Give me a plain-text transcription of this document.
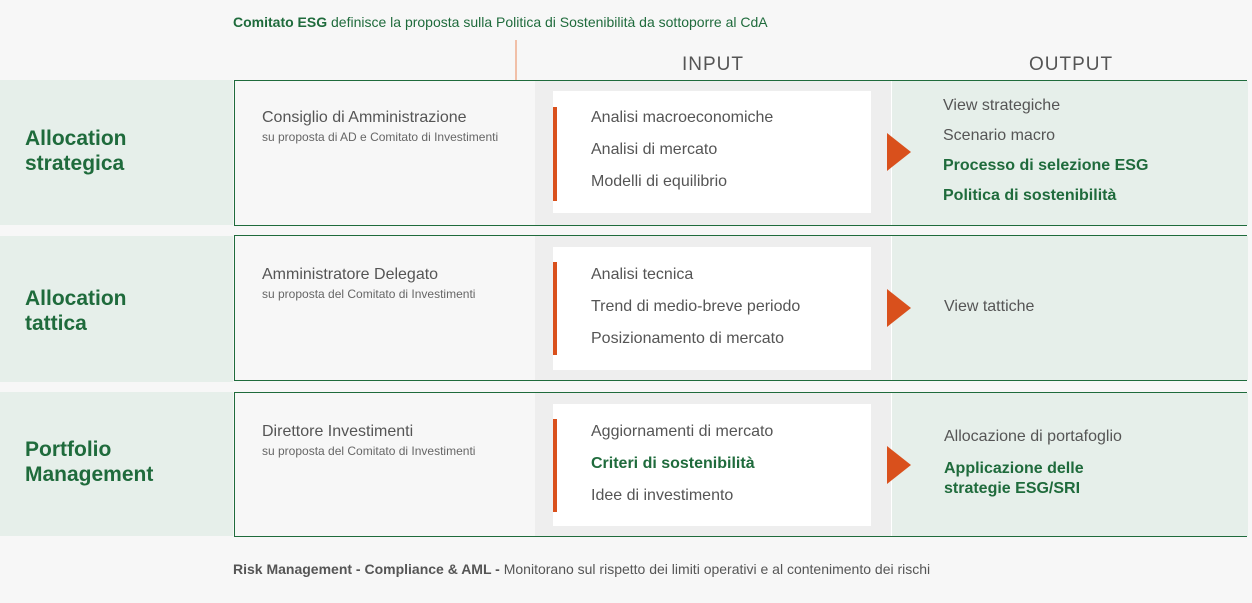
Comitato ESG definisce la proposta sulla Politica di Sostenibilità da sottoporre al CdA
INPUT	OUTPUT
Allocation
strategica
Consiglio di Amministrazione
su proposta di AD e Comitato di Investimenti
Analisi macroeconomiche
Analisi di mercato
Modelli di equilibrio
View strategiche
Scenario macro
Processo di selezione ESG
Politica di sostenibilità
Allocation
tattica
Amministratore Delegato
su proposta del Comitato di Investimenti
Analisi tecnica
Trend di medio-breve periodo
Posizionamento di mercato
View tattiche
Portfolio
Management
Direttore Investimenti
su proposta del Comitato di Investimenti
Aggiornamenti di mercato
Criteri di sostenibilità
Idee di investimento
Allocazione di portafoglio
Applicazione delle
strategie ESG/SRI
Risk Management - Compliance & AML - Monitorano sul rispetto dei limiti operativi e al contenimento dei rischi
